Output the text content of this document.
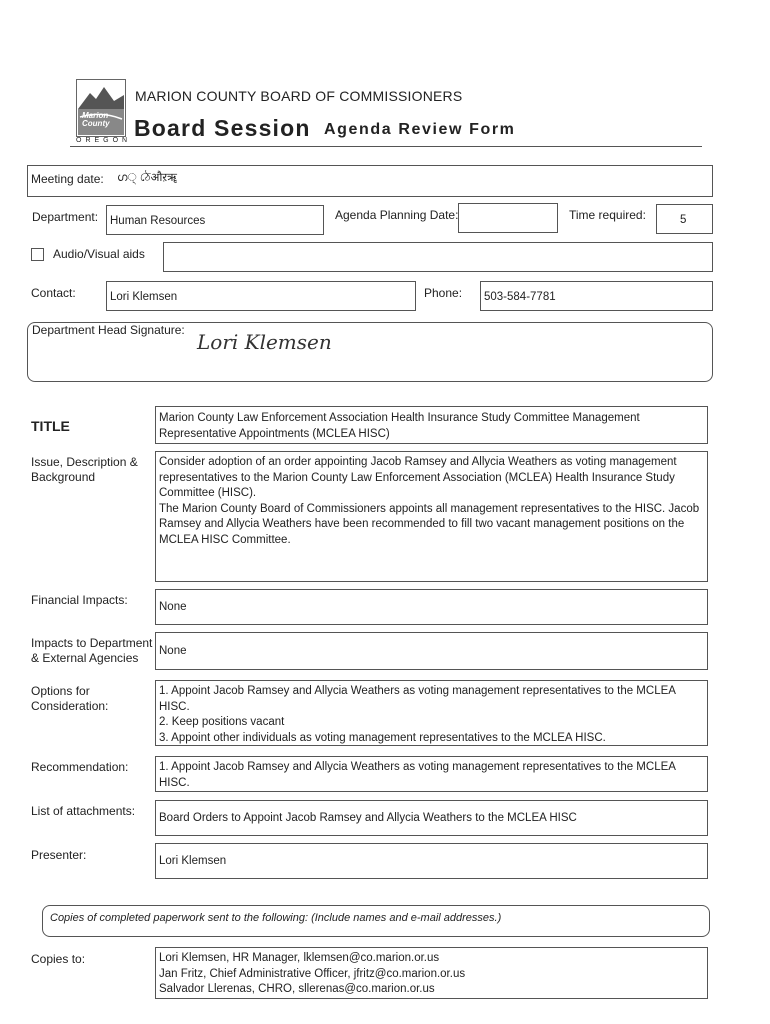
Marion County
OREGON
MARION COUNTY BOARD OF COMMISSIONERS
Board Session Agenda Review Form
Meeting date: ഗ੍ ঠেऔऱॠ
Department: Human Resources	Agenda Planning Date:	Time required:	5
Audio/Visual aids
Contact:	Lori Klemsen	Phone: 503-584-7781
Department Head Signature: Lori Klemsen
TITLE	Marion County Law Enforcement Association Health Insurance Study Committee Management Representative Appointments (MCLEA HISC)
Issue, Description & Background
Consider adoption of an order appointing Jacob Ramsey and Allycia Weathers as voting management representatives to the Marion County Law Enforcement Association (MCLEA) Health Insurance Study Committee (HISC).
The Marion County Board of Commissioners appoints all management representatives to the HISC. Jacob Ramsey and Allycia Weathers have been recommended to fill two vacant management positions on the MCLEA HISC Committee.
Financial Impacts:	None
Impacts to Department & External Agencies	None
Options for Consideration:
1. Appoint Jacob Ramsey and Allycia Weathers as voting management representatives to the MCLEA HISC.
2. Keep positions vacant
3. Appoint other individuals as voting management representatives to the MCLEA HISC.
Recommendation:	1. Appoint Jacob Ramsey and Allycia Weathers as voting management representatives to the MCLEA HISC.
List of attachments: Board Orders to Appoint Jacob Ramsey and Allycia Weathers to the MCLEA HISC
Presenter:	Lori Klemsen
Copies of completed paperwork sent to the following: (Include names and e-mail addresses.)
Copies to:	Lori Klemsen, HR Manager, lklemsen@co.marion.or.us
Jan Fritz, Chief Administrative Officer, jfritz@co.marion.or.us
Salvador Llerenas, CHRO, sllerenas@co.marion.or.us
